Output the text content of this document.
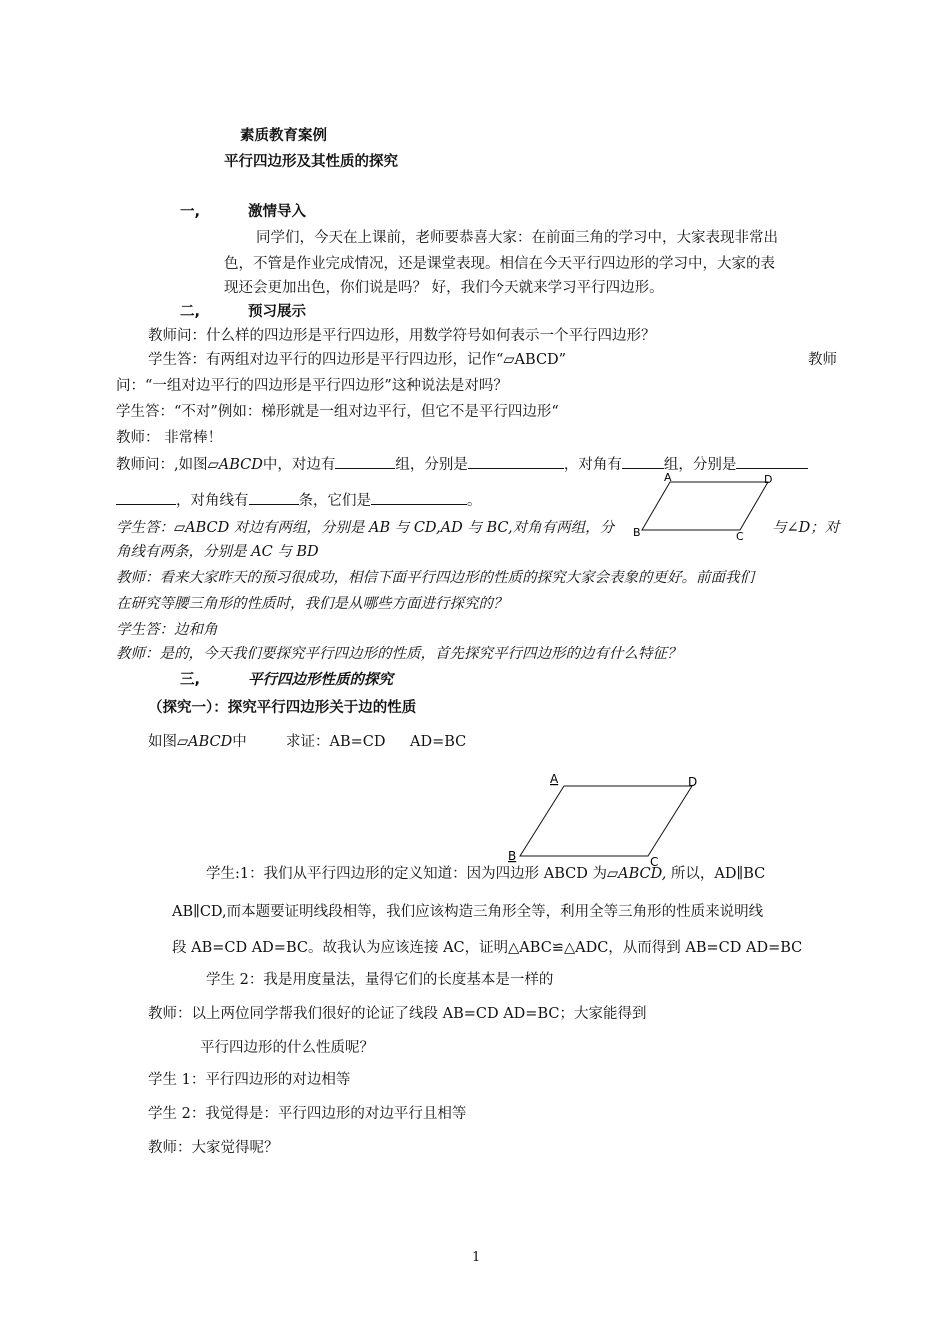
素质教育案例
平行四边形及其性质的探究
一,	激情导入
同学们，今天在上课前，老师要恭喜大家：在前面三角的学习中，大家表现非常出
色，不管是作业完成情况，还是课堂表现。相信在今天平行四边形的学习中，大家的表
现还会更加出色，你们说是吗？ 好，我们今天就来学习平行四边形。
二,	预习展示
教师问：什么样的四边形是平行四边形，用数学符号如何表示一个平行四边形？
学生答：有两组对边平行的四边形是平行四边形，记作“▱ABCD”	教师
问：“一组对边平行的四边形是平行四边形”这种说法是对吗？
学生答：“不对”例如：梯形就是一组对边平行，但它不是平行四边形“
教师： 非常棒！
教师问：,如图▱ABCD中，对边有	组，分别是	，对角有	组，分别是
，对角线有	条，它们是	。
A	D
B	C
学生答：▱ABCD 对边有两组，分别是 AB 与 CD,AD 与 BC,对角有两组，分	与∠D；对
角线有两条，分别是 AC 与 BD
教师：看来大家昨天的预习很成功，相信下面平行四边形的性质的探究大家会表象的更好。前面我们
在研究等腰三角形的性质时，我们是从哪些方面进行探究的？
学生答：边和角
教师：是的，今天我们要探究平行四边形的性质，首先探究平行四边形的边有什么特征？
三,	平行四边形性质的探究
（探究一）：探究平行四边形关于边的性质
如图▱ABCD中	求证：AB=CD AD=BC
A	D
B	C
学生:1：我们从平行四边形的定义知道：因为四边形 ABCD 为▱ABCD, 所以，AD∥BC
AB∥CD,而本题要证明线段相等，我们应该构造三角形全等，利用全等三角形的性质来说明线
段 AB=CD AD=BC。故我认为应该连接 AC，证明△ABC≌△ADC，从而得到 AB=CD AD=BC
学生 2：我是用度量法，量得它们的长度基本是一样的
教师：以上两位同学帮我们很好的论证了线段 AB=CD AD=BC；大家能得到
平行四边形的什么性质呢？
学生 1：平行四边形的对边相等
学生 2：我觉得是：平行四边形的对边平行且相等
教师：大家觉得呢？
1
